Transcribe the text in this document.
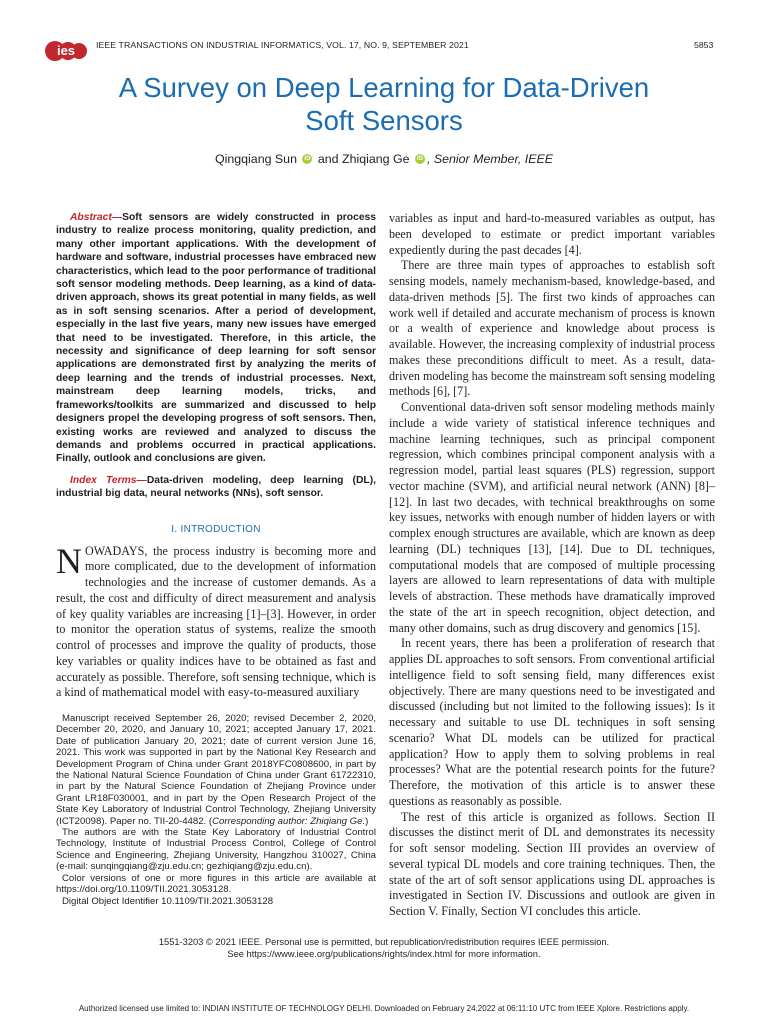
ies IEEE TRANSACTIONS ON INDUSTRIAL INFORMATICS, VOL. 17, NO. 9, SEPTEMBER 2021	5853
A Survey on Deep Learning for Data-Driven
Soft Sensors
Qingqiang Sun iD and Zhiqiang Ge iD , Senior Member, IEEE

Abstract—Soft sensors are widely constructed in process industry to realize process monitoring, quality prediction, and many other important applications. With the development of hardware and software, industrial processes have embraced new characteristics, which lead to the poor performance of traditional soft sensor modeling methods. Deep learning, as a kind of data-driven approach, shows its great potential in many fields, as well as in soft sensing scenarios. After a period of development, especially in the last five years, many new issues have emerged that need to be investigated. Therefore, in this article, the necessity and significance of deep learning for soft sensor applications are demonstrated first by analyzing the merits of deep learning and the trends of industrial processes. Next, mainstream deep learning models, tricks, and frameworks/toolkits are summarized and discussed to help designers propel the developing progress of soft sensors. Then, existing works are reviewed and analyzed to discuss the demands and problems occurred in practical applications. Finally, outlook and conclusions are given.

Index Terms—Data-driven modeling, deep learning (DL), industrial big data, neural networks (NNs), soft sensor.

I. INTRODUCTION

NOWADAYS, the process industry is becoming more and more complicated, due to the development of information technologies and the increase of customer demands. As a result, the cost and difficulty of direct measurement and analysis of key quality variables are increasing [1]–[3]. However, in order to monitor the operation status of systems, realize the smooth control of processes and improve the quality of products, those key variables or quality indices have to be obtained as fast and accurately as possible. Therefore, soft sensing technique, which is a kind of mathematical model with easy-to-measured auxiliary

Manuscript received September 26, 2020; revised December 2, 2020, December 20, 2020, and January 10, 2021; accepted January 17, 2021. Date of publication January 20, 2021; date of current version June 16, 2021. This work was supported in part by the National Key Research and Development Program of China under Grant 2018YFC0808600, in part by the National Natural Science Foundation of China under Grant 61722310, in part by the Natural Science Foundation of Zhejiang Province under Grant LR18F030001, and in part by the Open Research Project of the State Key Laboratory of Industrial Control Technology, Zhejiang University (ICT20098). Paper no. TII-20-4482. (Corresponding author: Zhiqiang Ge.)

The authors are with the State Key Laboratory of Industrial Control Technology, Institute of Industrial Process Control, College of Control Science and Engineering, Zhejiang University, Hangzhou 310027, China (e-mail: sunqingqiang@zju.edu.cn; gezhiqiang@zju.edu.cn).

Color versions of one or more figures in this article are available at https://doi.org/10.1109/TII.2021.3053128.

Digital Object Identifier 10.1109/TII.2021.3053128

variables as input and hard-to-measured variables as output, has been developed to estimate or predict important variables expediently during the past decades [4].

There are three main types of approaches to establish soft sensing models, namely mechanism-based, knowledge-based, and data-driven methods [5]. The first two kinds of approaches can work well if detailed and accurate mechanism of process is known or a wealth of experience and knowledge about process is available. However, the increasing complexity of industrial process makes these preconditions difficult to meet. As a result, data-driven modeling has become the mainstream soft sensing modeling methods [6], [7].

Conventional data-driven soft sensor modeling methods mainly include a wide variety of statistical inference techniques and machine learning techniques, such as principal component regression, which combines principal component analysis with a regression model, partial least squares (PLS) regression, support vector machine (SVM), and artificial neural network (ANN) [8]–[12]. In last two decades, with technical breakthroughs on some key issues, networks with enough number of hidden layers or with complex enough structures are available, which are known as deep learning (DL) techniques [13], [14]. Due to DL techniques, computational models that are composed of multiple processing layers are allowed to learn representations of data with multiple levels of abstraction. These methods have dramatically improved the state of the art in speech recognition, object detection, and many other domains, such as drug discovery and genomics [15].

In recent years, there has been a proliferation of research that applies DL approaches to soft sensors. From conventional artificial intelligence field to soft sensing field, many differences exist objectively. There are many questions need to be investigated and discussed (including but not limited to the following issues): Is it necessary and suitable to use DL techniques in soft sensing scenario? What DL models can be utilized for practical application? How to apply them to solving problems in real processes? What are the potential research points for the future? Therefore, the motivation of this article is to answer these questions as reasonably as possible.

The rest of this article is organized as follows. Section II discusses the distinct merit of DL and demonstrates its necessity for soft sensor modeling. Section III provides an overview of several typical DL models and core training techniques. Then, the state of the art of soft sensor applications using DL approaches is investigated in Section IV. Discussions and outlook are given in Section V. Finally, Section VI concludes this article.

1551-3203 © 2021 IEEE. Personal use is permitted, but republication/redistribution requires IEEE permission.
See https://www.ieee.org/publications/rights/index.html for more information.
Authorized licensed use limited to: INDIAN INSTITUTE OF TECHNOLOGY DELHI. Downloaded on February 24,2022 at 06:11:10 UTC from IEEE Xplore. Restrictions apply.
